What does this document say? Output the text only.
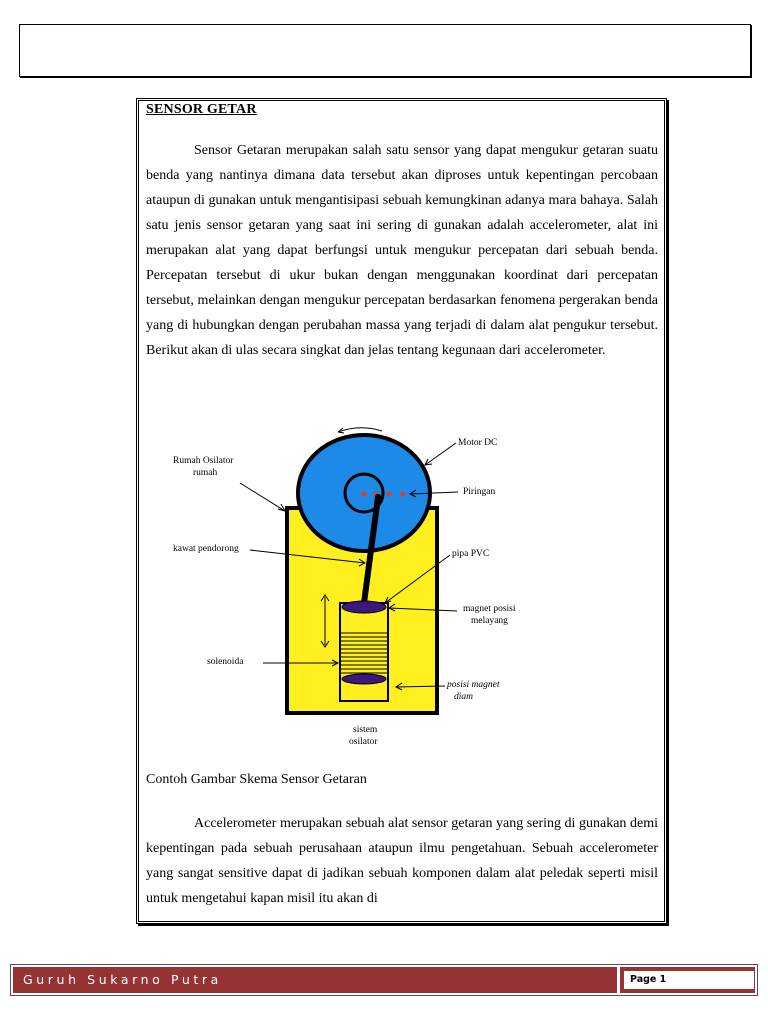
SENSOR GETAR
Sensor Getaran merupakan salah satu sensor yang dapat mengukur getaran suatu benda yang nantinya dimana data tersebut akan diproses untuk kepentingan percobaan ataupun di gunakan untuk mengantisipasi sebuah kemungkinan adanya mara bahaya. Salah satu jenis sensor getaran yang saat ini sering di gunakan adalah accelerometer, alat ini merupakan alat yang dapat berfungsi untuk mengukur percepatan dari sebuah benda. Percepatan tersebut di ukur bukan dengan menggunakan koordinat dari percepatan tersebut, melainkan dengan mengukur percepatan berdasarkan fenomena pergerakan benda yang di hubungkan dengan perubahan massa yang terjadi di dalam alat pengukur tersebut. Berikut akan di ulas secara singkat dan jelas tentang kegunaan dari accelerometer.
Rumah Osilator
rumah
Motor DC
Piringan
kawat pendorong	pipa PVC
magnet posisi
melayang
solenoida
posisi magnet
diam
sistem
osilator
Contoh Gambar Skema Sensor Getaran
Accelerometer merupakan sebuah alat sensor getaran yang sering di gunakan demi kepentingan pada sebuah perusahaan ataupun ilmu pengetahuan. Sebuah accelerometer yang sangat sensitive dapat di jadikan sebuah komponen dalam alat peledak seperti misil untuk mengetahui kapan misil itu akan di
Guruh Sukarno Putra	Page 1
